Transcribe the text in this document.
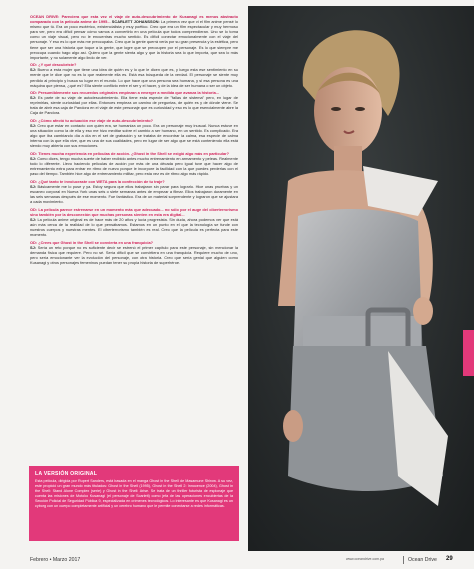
OCEAN DRIVE: Pareciera que esta vez el viaje de auto-descubrimiento de Kusanagi es menos abstracto comparado con la película anime de 1995... SCARLETT JOHANSSON: La primera vez que vi el film anime pensé lo mismo que tú. Era un poco esotérico, existencialista y muy poético. Creo que era un film espectacular y muy hermoso para ver, pero era difícil pensar cómo vamos a convertirlo en una película que todos comprendieran. Uno se lo toma como un viaje visual, pero no le encuentras mucho sentido. Es difícil conectar emocionalmente con el viaje del personaje. Y eso es lo que más me preocupaba. Creo que la gente querrá verla por su gran presencia y la estética, pero tiene que ser una historia que toque a la gente, que logre que se preocupen por el personaje. Es lo que siempre me preocupa cuando hago algo así. Quiero que la gente sienta algo y que la historia sea lo que importa, que sea lo más importante, y no solamente algo lindo de ver.

OD: ¿Y qué descubriste?
SJ: Bueno a esta mujer que tiene una idea de quién es y lo que le dicen que es, y luego esta ese sentimiento en su mente que le dice que no es lo que realmente ella es. Está esa búsqueda de la verdad. El personaje se siente muy perdido al principio y busca su lugar en el mundo. Lo que hace que una persona sea humana, y si esa persona es una máquina que piensa, ¿qué es? Ella siente conflicto entre el ser y el hacer, y de la idea de ser humana o ser un objeto.

OD: Presumiblemente sus recuerdos originales empiezan a emerger a medida que avanza la historia...
SJ: Es parte de su viaje de autodescubrimiento. Ella tiene esta especie de "fallas de sistema" pero, en lugar de reprimirlas, siente curiosidad por ellas. Entonces empieza un camino de preguntas, de quién es y de dónde viene. Se trata de abrir esa caja de Pandora en el viaje de este personaje que es curiosidad y eso es lo que esencialmente abre la Caja de Pandora.

OD: ¿Cómo afectó tu actuación ese viaje de auto-descubrimiento?
SJ: Creo que estar en contacto con quien era, se humaniza un poco. Era un personaje muy inusual. Nunca estuve en una situación como la de ella y eso me hizo meditar sobre el cambio a ser humano, en un sentido. Es complicado. Era algo que iba cambiando día a día en el set de grabación y se trataba de encontrar la calma, esa especie de calma interna con la que ella vive, que es una de sus cualidades, pero en lugar de ser algo que se está conteniendo ella está siendo muy abierta con sus emociones.

OD: Tienes mucha experiencia en películas de acción. ¿Ghost in the Shell se exigió algo más en particular?
SJ: Como dices, tengo mucha suerte de haber recibido antes mucho entrenamiento en armamento y peleas. Realmente todo lo diferente. Llevo haciendo películas de acción por más de una década pero igual tuve que hacer algo de entrenamiento extra para entrar en ritmo de nuevo porque le incorpore la facilidad con la que puedes perderlas con el paso del tiempo. También hice algo de entrenamiento militar, pero esta vez es de ritmo algo más rápido.

OD: ¿Qué tanto te involucraste con WETA para la confección de tu traje?
SJ: Básicamente me lo puse y ya. Estoy segura que ellos trabajaron sin parar para lograrlo. Hice unas pruebas y un escaneo corporal en Nueva York unas seis o siete semanas antes de empezar a filmar. Ellos trabajaron duramente en las seis semanas después de ese momento. Fue fantástico. Era de un material sorprendente y lograron que se ajustara a cada movimiento.

OD: La película parece estrenarse en un momento más que adecuado... no sólo por el auge del ciberterrorismo sino también por la desconexión que muchas personas sienten en esta era digital...
SJ: La película anime original es de hace más de 20 años y lucía progresista. Sin duda, ahora podemos ver que está aún más cerca de la realidad de lo que pensábamos. Estamos en un punto en el que la tecnología se funde con nuestros cuerpos y nuestras mentes. El ciberterrorismo también es real. Creo que la película es perfecta para este momento.

OD: ¿Crees que Ghost in the Shell se convierta en una franquicia?
SJ: Sería un reto porque no es suficiente decir se estrenó el primer capítulo para este personaje, sin mencionar la demanda física que requiere. Pero no sé. Sería difícil que se convirtiera en una franquicia. Requiere mucho de uno, pero sería emocionante ver la evolución del personaje, con otra historia. Creo que sería genial que alguien como Kusanagi y otros personajes femeninos puedan tener su propia historia de superhéroe.

LA VERSIÓN ORIGINAL
Esta película, dirigida por Rupert Sanders, está basada en el manga Ghost in the Shell de Masamune Shirow. A su vez, este propició un gran mundo más titulados: Ghost in the Shell (1995), Ghost in the Shell 2: Innocence (2004), Ghost in the Shell: Stand Alone Complex (serie) y Ghost in the Shell: Arise. Se trata de un thriller futurista de espionaje que cuenta las misiones de Motoko Kusanagi (el personaje de Scarlett) como jefa de las operaciones encubiertas de la Sección Policial de Seguridad Pública 9, especializada en crímenes tecnológicos. Lo interesante es que Kusanagi es un cyborg con un cuerpo completamente artificial y un cerebro humano que le permite conectarse a redes informáticas.
Febrero • Marzo 2017	www.oceandrive.com.pa	Ocean Drive 29
